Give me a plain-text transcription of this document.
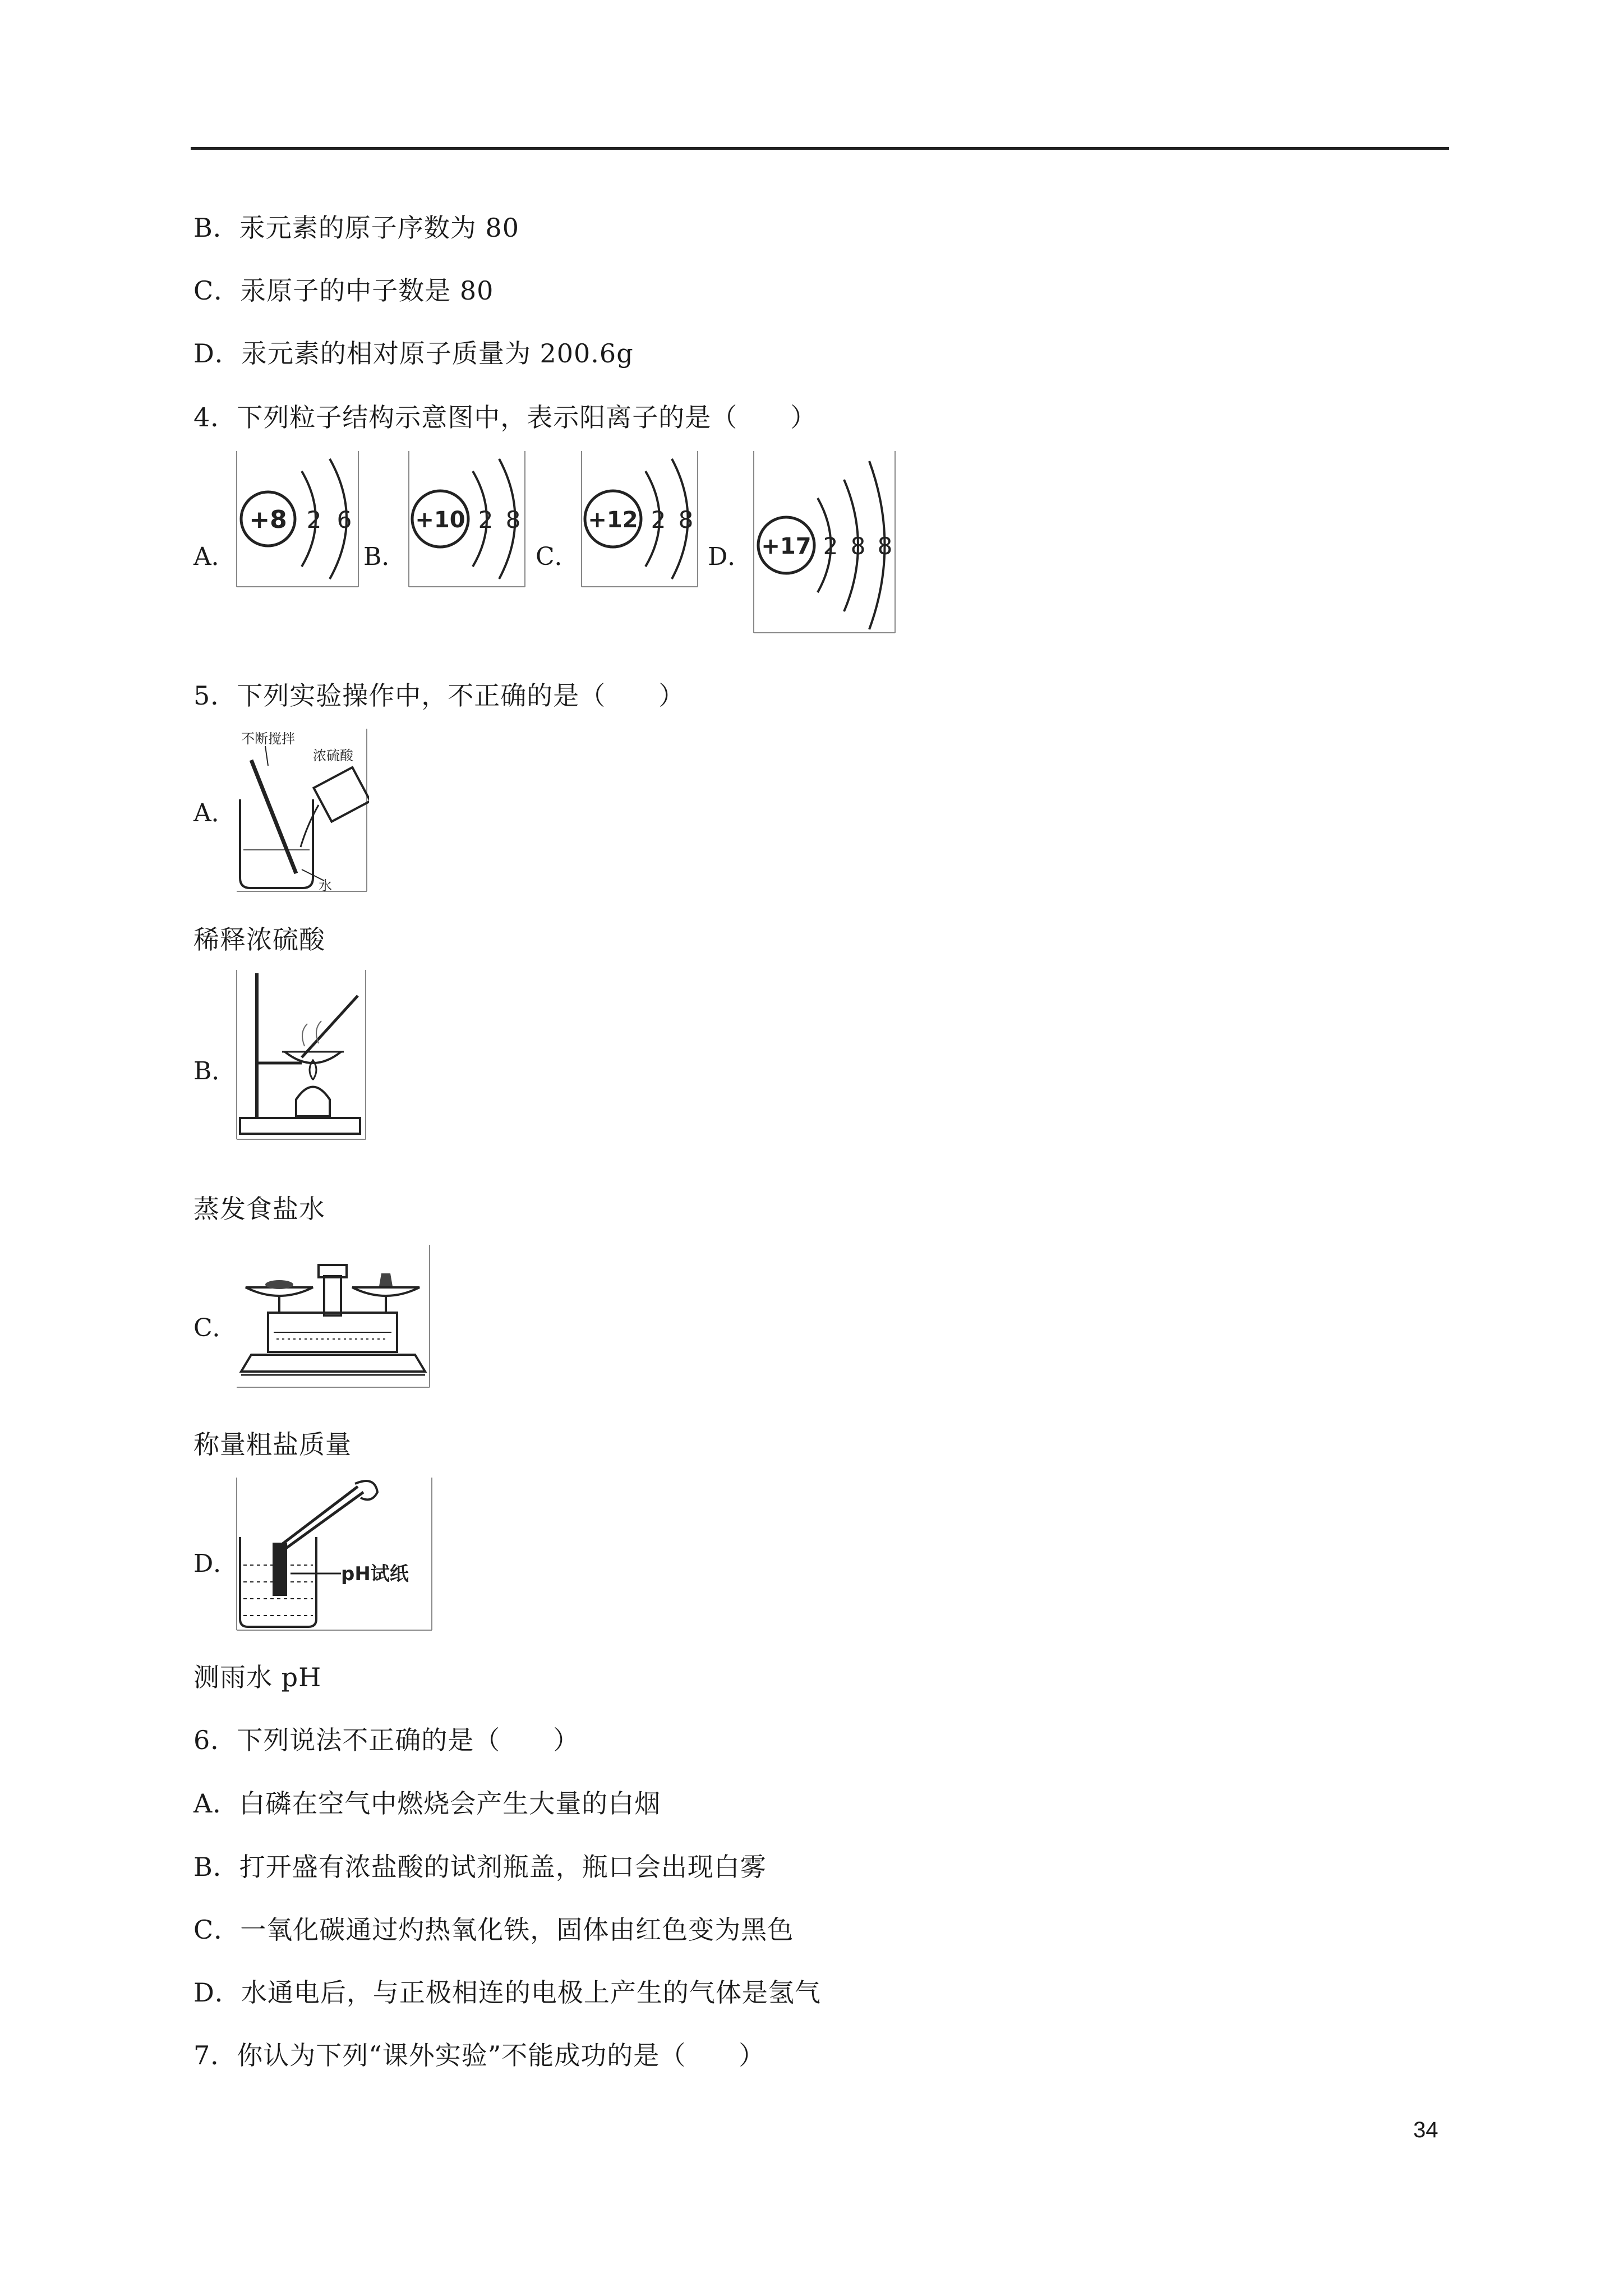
B．汞元素的原子序数为 80
C．汞原子的中子数是 80
D．汞元素的相对原子质量为 200.6g
4．下列粒子结构示意图中，表示阳离子的是（　　）
A．
+8 2 6
B．
+10 2 8
C．
+12 2 8
D． +17 2 8 8
5．下列实验操作中，不正确的是（　　）
A．
不断搅拌
浓硫酸
水
稀释浓硫酸
B．
蒸发食盐水
C．
称量粗盐质量
D．	pH试纸
测雨水 pH
6．下列说法不正确的是（　　）
A．白磷在空气中燃烧会产生大量的白烟
B．打开盛有浓盐酸的试剂瓶盖，瓶口会出现白雾
C．一氧化碳通过灼热氧化铁，固体由红色变为黑色
D．水通电后，与正极相连的电极上产生的气体是氢气
7．你认为下列“课外实验”不能成功的是（　　）
34
